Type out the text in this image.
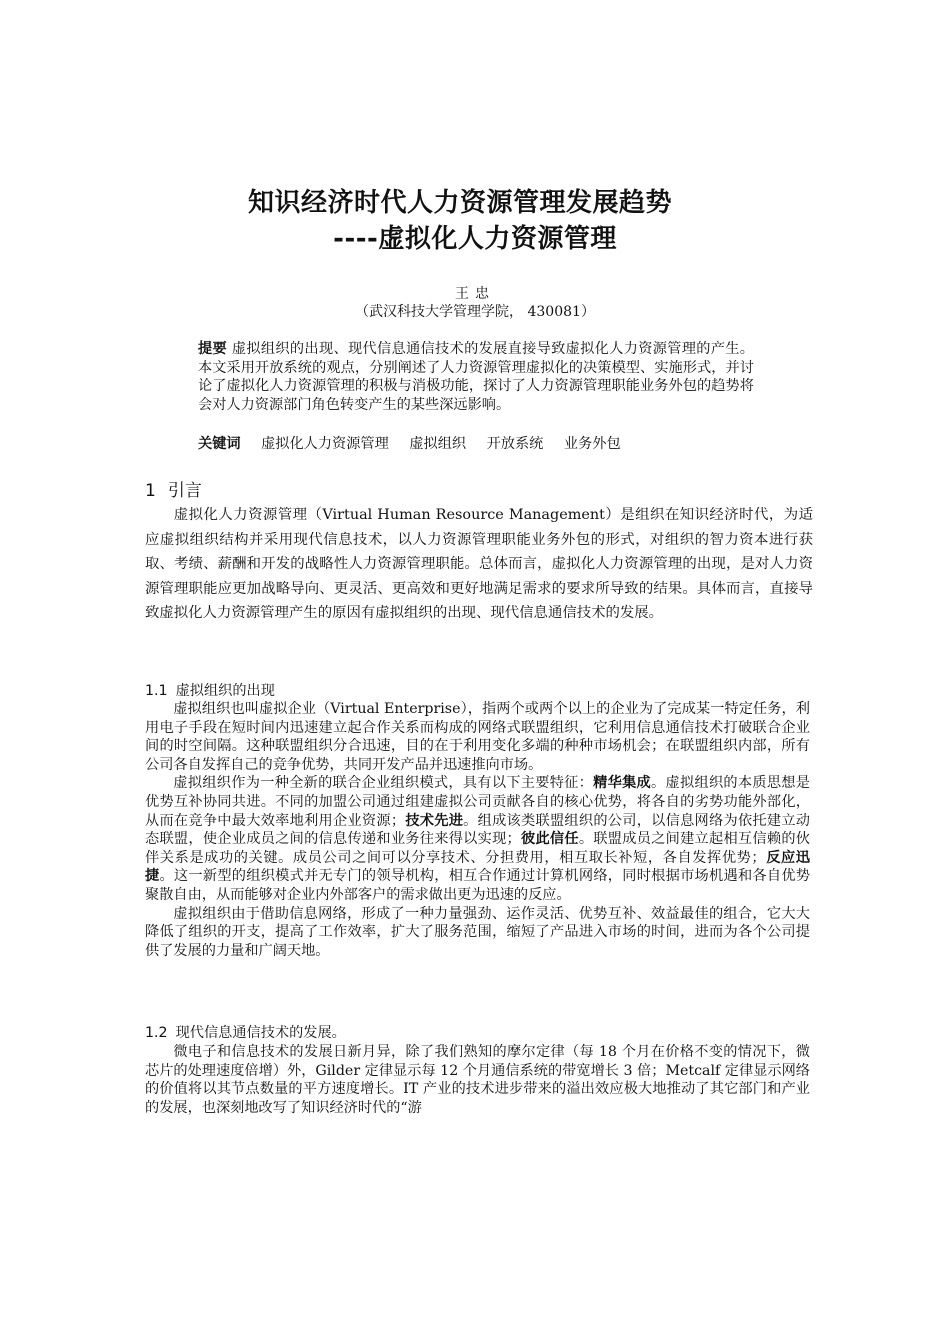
知识经济时代人力资源管理发展趋势
----虚拟化人力资源管理
王忠
（武汉科技大学管理学院， 430081）
提要 虚拟组织的出现、现代信息通信技术的发展直接导致虚拟化人力资源管理的产生。本文采用开放系统的观点，分别阐述了人力资源管理虚拟化的决策模型、实施形式，并讨论了虚拟化人力资源管理的积极与消极功能，探讨了人力资源管理职能业务外包的趋势将会对人力资源部门角色转变产生的某些深远影响。
关键词 虚拟化人力资源管理 虚拟组织 开放系统 业务外包
1 引言

虚拟化人力资源管理（Virtual Human Resource Management）是组织在知识经济时代，为适应虚拟组织结构并采用现代信息技术，以人力资源管理职能业务外包的形式，对组织的智力资本进行获取、考绩、薪酬和开发的战略性人力资源管理职能。总体而言，虚拟化人力资源管理的出现，是对人力资源管理职能应更加战略导向、更灵活、更高效和更好地满足需求的要求所导致的结果。具体而言，直接导致虚拟化人力资源管理产生的原因有虚拟组织的出现、现代信息通信技术的发展。

1.1 虚拟组织的出现

虚拟组织也叫虚拟企业（Virtual Enterprise），指两个或两个以上的企业为了完成某一特定任务，利用电子手段在短时间内迅速建立起合作关系而构成的网络式联盟组织，它利用信息通信技术打破联合企业间的时空间隔。这种联盟组织分合迅速，目的在于利用变化多端的种种市场机会；在联盟组织内部，所有公司各自发挥自己的竞争优势，共同开发产品并迅速推向市场。

虚拟组织作为一种全新的联合企业组织模式，具有以下主要特征：精华集成。虚拟组织的本质思想是优势互补协同共进。不同的加盟公司通过组建虚拟公司贡献各自的核心优势，将各自的劣势功能外部化，从而在竞争中最大效率地利用企业资源；技术先进。组成该类联盟组织的公司，以信息网络为依托建立动态联盟，使企业成员之间的信息传递和业务往来得以实现；彼此信任。联盟成员之间建立起相互信赖的伙伴关系是成功的关键。成员公司之间可以分享技术、分担费用，相互取长补短，各自发挥优势；反应迅捷。这一新型的组织模式并无专门的领导机构，相互合作通过计算机网络，同时根据市场机遇和各自优势聚散自由，从而能够对企业内外部客户的需求做出更为迅速的反应。

虚拟组织由于借助信息网络，形成了一种力量强劲、运作灵活、优势互补、效益最佳的组合，它大大降低了组织的开支，提高了工作效率，扩大了服务范围，缩短了产品进入市场的时间，进而为各个公司提供了发展的力量和广阔天地。

1.2 现代信息通信技术的发展。

微电子和信息技术的发展日新月异，除了我们熟知的摩尔定律（每 18 个月在价格不变的情况下，微芯片的处理速度倍增）外，Gilder 定律显示每 12 个月通信系统的带宽增长 3 倍；Metcalf 定律显示网络的价值将以其节点数量的平方速度增长。IT 产业的技术进步带来的溢出效应极大地推动了其它部门和产业的发展，也深刻地改写了知识经济时代的“游
